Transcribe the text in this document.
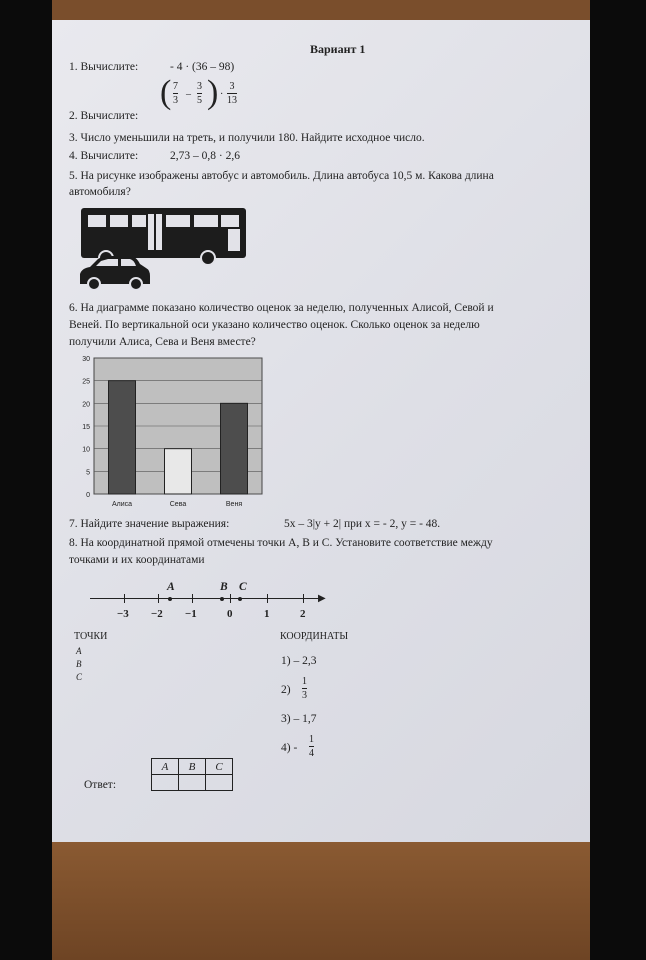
Вариант 1
1. Вычислите:	- 4 · (36 – 98)
( 7
3
–
3
5 ) ·
3
13
2. Вычислите:
3. Число уменьшили на треть, и получили 180. Найдите исходное число.
4. Вычислите:	2,73 – 0,8 · 2,6
5. На рисунке изображены автобус и автомобиль. Длина автобуса 10,5 м. Какова длина
автомобиля?
6. На диаграмме показано количество оценок за неделю, полученных Алисой, Севой и
Веней. По вертикальной оси указано количество оценок. Сколько оценок за неделю
получили Алиса, Сева и Веня вместе?
0
5
10
15
20
25
30
Алиса	Сева	Веня
7. Найдите значение выражения:	5x – 3|y + 2| при x = - 2, y = - 48.
8. На координатной прямой отмечены точки A, B и C. Установите соответствие между
точками и их координатами
▶
−3 −2 −1	0	1	2
A	B C
ТОЧКИ
A
B
C
КООРДИНАТЫ
1) – 2,3
2)
1
3
3) – 1,7
4) -
1
4
Ответ:
A	B	C
